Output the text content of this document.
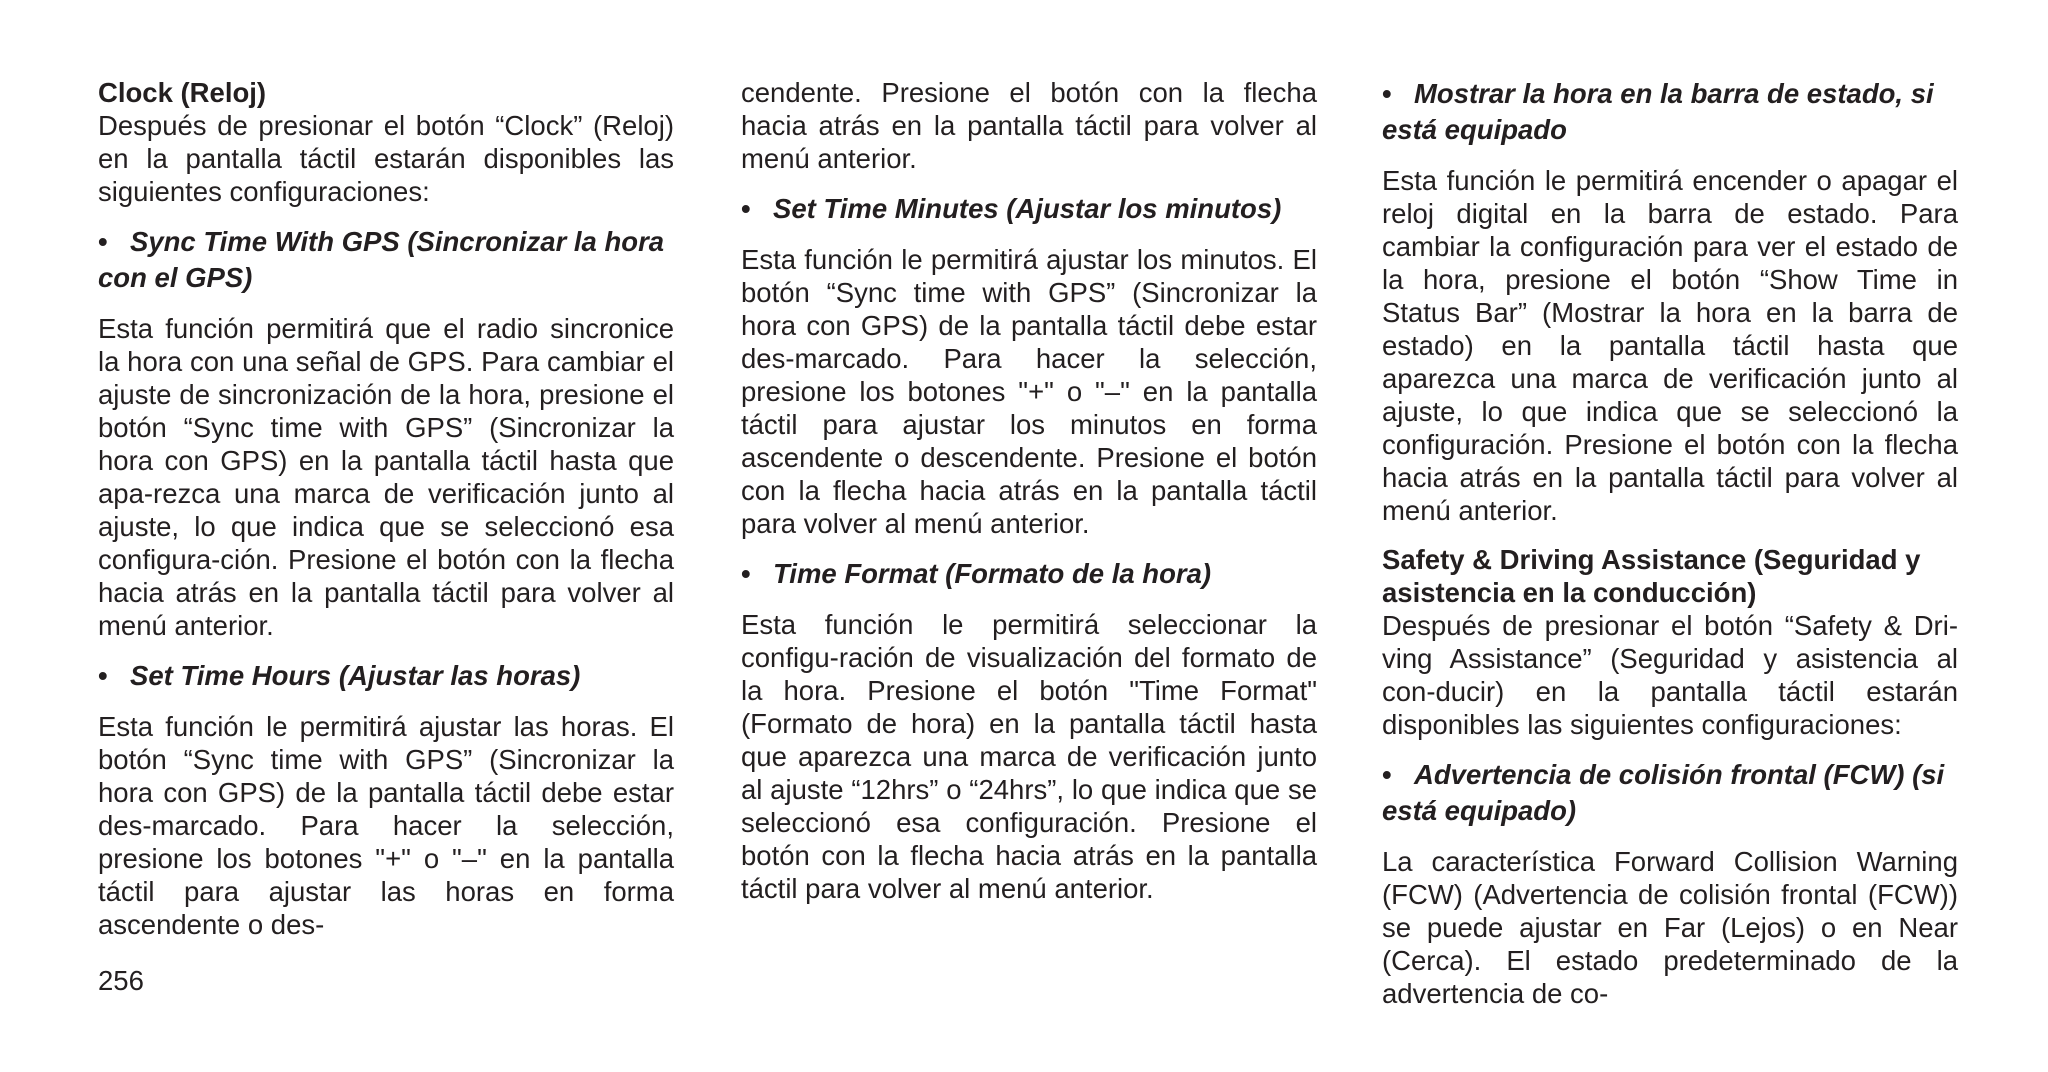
Clock (Reloj)

Después de presionar el botón “Clock” (Reloj) en la pantalla táctil estarán disponibles las siguientes configuraciones:

• Sync Time With GPS (Sincronizar la hora con el GPS)

Esta función permitirá que el radio sincronice la hora con una señal de GPS. Para cambiar el ajuste de sincronización de la hora, presione el botón “Sync time with GPS” (Sincronizar la hora con GPS) en la pantalla táctil hasta que apa-rezca una marca de verificación junto al ajuste, lo que indica que se seleccionó esa configura-ción. Presione el botón con la flecha hacia atrás en la pantalla táctil para volver al menú anterior.

• Set Time Hours (Ajustar las horas)

Esta función le permitirá ajustar las horas. El botón “Sync time with GPS” (Sincronizar la hora con GPS) de la pantalla táctil debe estar des-marcado. Para hacer la selección, presione los botones "+" o "–" en la pantalla táctil para ajustar las horas en forma ascendente o des-

cendente. Presione el botón con la flecha hacia atrás en la pantalla táctil para volver al menú anterior.

• Set Time Minutes (Ajustar los minutos)

Esta función le permitirá ajustar los minutos. El botón “Sync time with GPS” (Sincronizar la hora con GPS) de la pantalla táctil debe estar des-marcado. Para hacer la selección, presione los botones "+" o "–" en la pantalla táctil para ajustar los minutos en forma ascendente o descendente. Presione el botón con la flecha hacia atrás en la pantalla táctil para volver al menú anterior.

• Time Format (Formato de la hora)

Esta función le permitirá seleccionar la configu-ración de visualización del formato de la hora. Presione el botón "Time Format" (Formato de hora) en la pantalla táctil hasta que aparezca una marca de verificación junto al ajuste “12hrs” o “24hrs”, lo que indica que se seleccionó esa configuración. Presione el botón con la flecha hacia atrás en la pantalla táctil para volver al menú anterior.

• Mostrar la hora en la barra de estado, si está equipado

Esta función le permitirá encender o apagar el reloj digital en la barra de estado. Para cambiar la configuración para ver el estado de la hora, presione el botón “Show Time in Status Bar” (Mostrar la hora en la barra de estado) en la pantalla táctil hasta que aparezca una marca de verificación junto al ajuste, lo que indica que se seleccionó la configuración. Presione el botón con la flecha hacia atrás en la pantalla táctil para volver al menú anterior.

Safety & Driving Assistance (Seguridad y asistencia en la conducción)

Después de presionar el botón “Safety & Dri-ving Assistance” (Seguridad y asistencia al con-ducir) en la pantalla táctil estarán disponibles las siguientes configuraciones:

• Advertencia de colisión frontal (FCW) (si está equipado)

La característica Forward Collision Warning (FCW) (Advertencia de colisión frontal (FCW)) se puede ajustar en Far (Lejos) o en Near (Cerca). El estado predeterminado de la advertencia de co-

256
